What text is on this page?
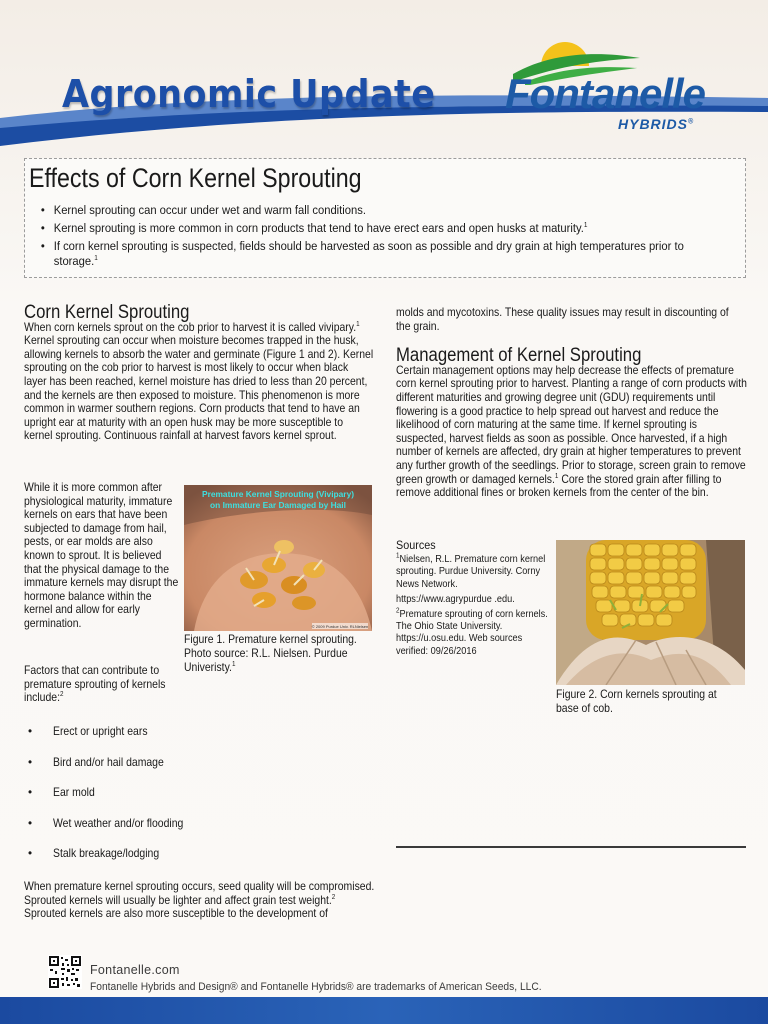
Agronomic Update Fontanelle
HYBRIDS®
Effects of Corn Kernel Sprouting
• Kernel sprouting can occur under wet and warm fall conditions.
• Kernel sprouting is more common in corn products that tend to have erect ears and open husks at maturity.$^1$
• If corn kernel sprouting is suspected, fields should be harvested as soon as possible and dry grain at high temperatures prior to storage.$^1$
Corn Kernel Sprouting
When corn kernels sprout on the cob prior to harvest it is called vivipary.$^1$ Kernel sprouting can occur when moisture becomes trapped in the husk, allowing kernels to absorb the water and germinate (Figure 1 and 2). Kernel sprouting on the cob prior to harvest is most likely to occur when black layer has been reached, kernel moisture has dried to less than 20 percent, and the kernels are then exposed to moisture. This phenomenon is more common in warmer southern regions. Corn products that tend to have an upright ear at maturity with an open husk may be more susceptible to kernel sprouting. Continuous rainfall at harvest favors kernel sprout.
While it is more common after physiological maturity, immature kernels on ears that have been subjected to damage from hail, pests, or ear molds are also known to sprout. It is believed that the physical damage to the immature kernels may disrupt the hormone balance within the kernel and allow for early germination.
Factors that can contribute to premature sprouting of kernels include:$^2$
• Erect or upright ears
• Bird and/or hail damage
• Ear mold
• Wet weather and/or flooding
• Stalk breakage/lodging
When premature kernel sprouting occurs, seed quality will be compromised. Sprouted kernels will usually be lighter and affect grain test weight.$^2$ Sprouted kernels are also more susceptible to the development of
© 2009 Purdue Univ. RLNielsen
Premature Kernel Sprouting (Vivipary)
on Immature Ear Damaged by Hail
Figure 1. Premature kernel sprouting. Photo source: R.L. Nielsen. Purdue Univeristy.$^1$
molds and mycotoxins. These quality issues may result in discounting of the grain.
Management of Kernel Sprouting
Certain management options may help decrease the effects of premature corn kernel sprouting prior to harvest. Planting a range of corn products with different maturities and growing degree unit (GDU) requirements until flowering is a good practice to help spread out harvest and reduce the likelihood of corn maturing at the same time. If kernel sprouting is suspected, harvest fields as soon as possible. Once harvested, if a high number of kernels are affected, dry grain at higher temperatures to prevent any further growth of the seedlings. Prior to storage, screen grain to remove green growth or damaged kernels.$^1$ Core the stored grain after filling to remove additional fines or broken kernels from the center of the bin.
Sources
$^1$Nielsen, R.L. Premature corn kernel sprouting. Purdue University. Corny News Network.
https://www.agrypurdue .edu.
$^2$Premature sprouting of corn kernels. The Ohio State University.
https://u.osu.edu. Web sources verified: 09/26/2016
Figure 2. Corn kernels sprouting at base of cob.
Fontanelle.com
Fontanelle Hybrids and Design® and Fontanelle Hybrids® are trademarks of American Seeds, LLC.
